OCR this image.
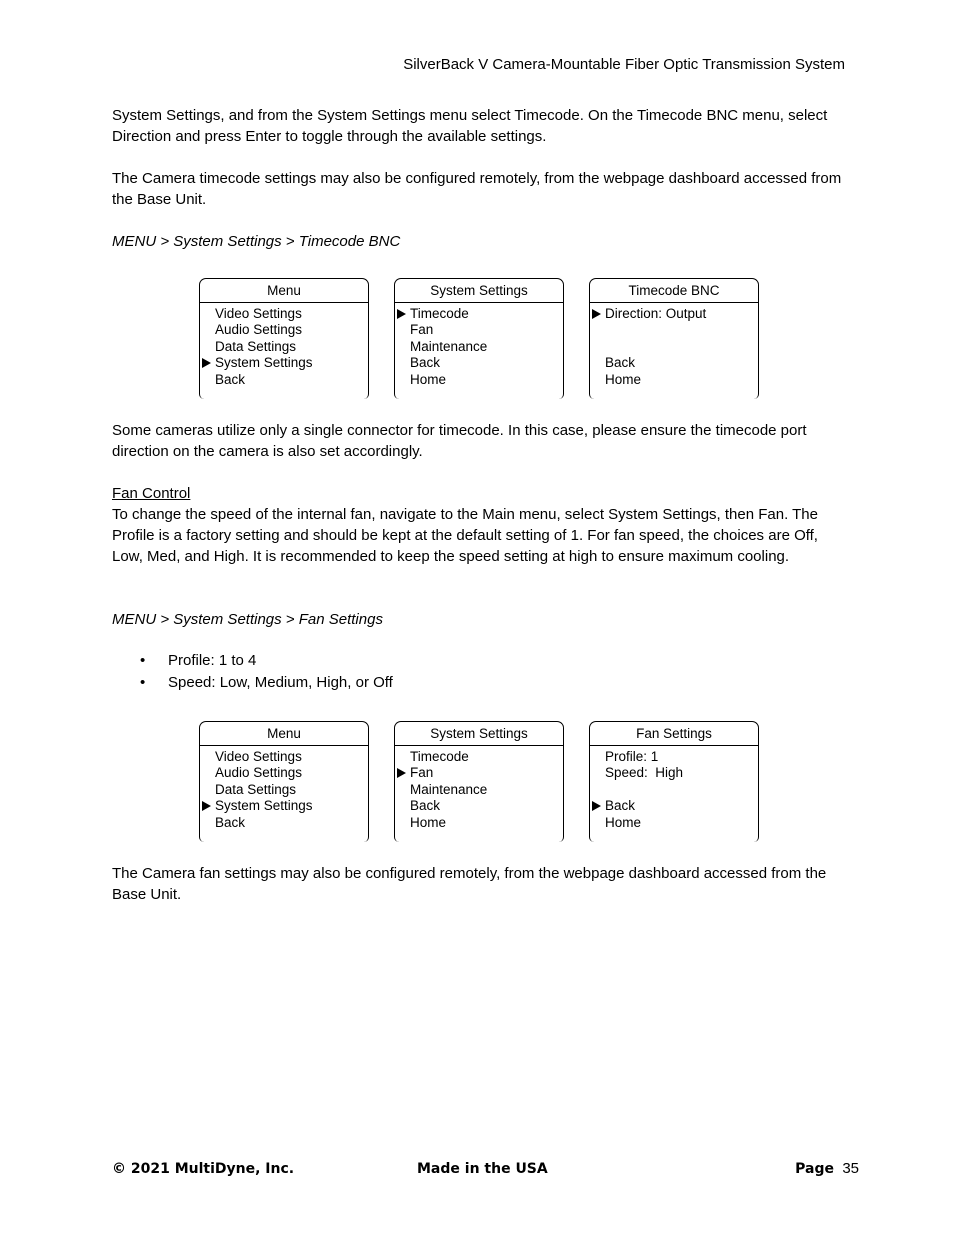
SilverBack V Camera-Mountable Fiber Optic Transmission System

System Settings, and from the System Settings menu select Timecode. On the Timecode BNC menu, select Direction and press Enter to toggle through the available settings.

The Camera timecode settings may also be configured remotely, from the webpage dashboard accessed from the Base Unit.

MENU > System Settings > Timecode BNC

Menu
Video Settings
Audio Settings
Data Settings
System Settings
Back
System Settings
Timecode
Fan
Maintenance
Back
Home
Timecode BNC
Direction: Output
Back
Home

Some cameras utilize only a single connector for timecode. In this case, please ensure the timecode port direction on the camera is also set accordingly.

Fan Control

To change the speed of the internal fan, navigate to the Main menu, select System Settings, then Fan. The Profile is a factory setting and should be kept at the default setting of 1. For fan speed, the choices are Off, Low, Med, and High. It is recommended to keep the speed setting at high to ensure maximum cooling.

MENU > System Settings > Fan Settings

• Profile: 1 to 4
• Speed: Low, Medium, High, or Off
Menu
Video Settings
Audio Settings
Data Settings
System Settings
Back
System Settings
Timecode
Fan
Maintenance
Back
Home
Fan Settings
Profile: 1
Speed:  High
Back
Home

The Camera fan settings may also be configured remotely, from the webpage dashboard accessed from the Base Unit.

© 2021 MultiDyne, Inc.	Made in the USA	Page 35
